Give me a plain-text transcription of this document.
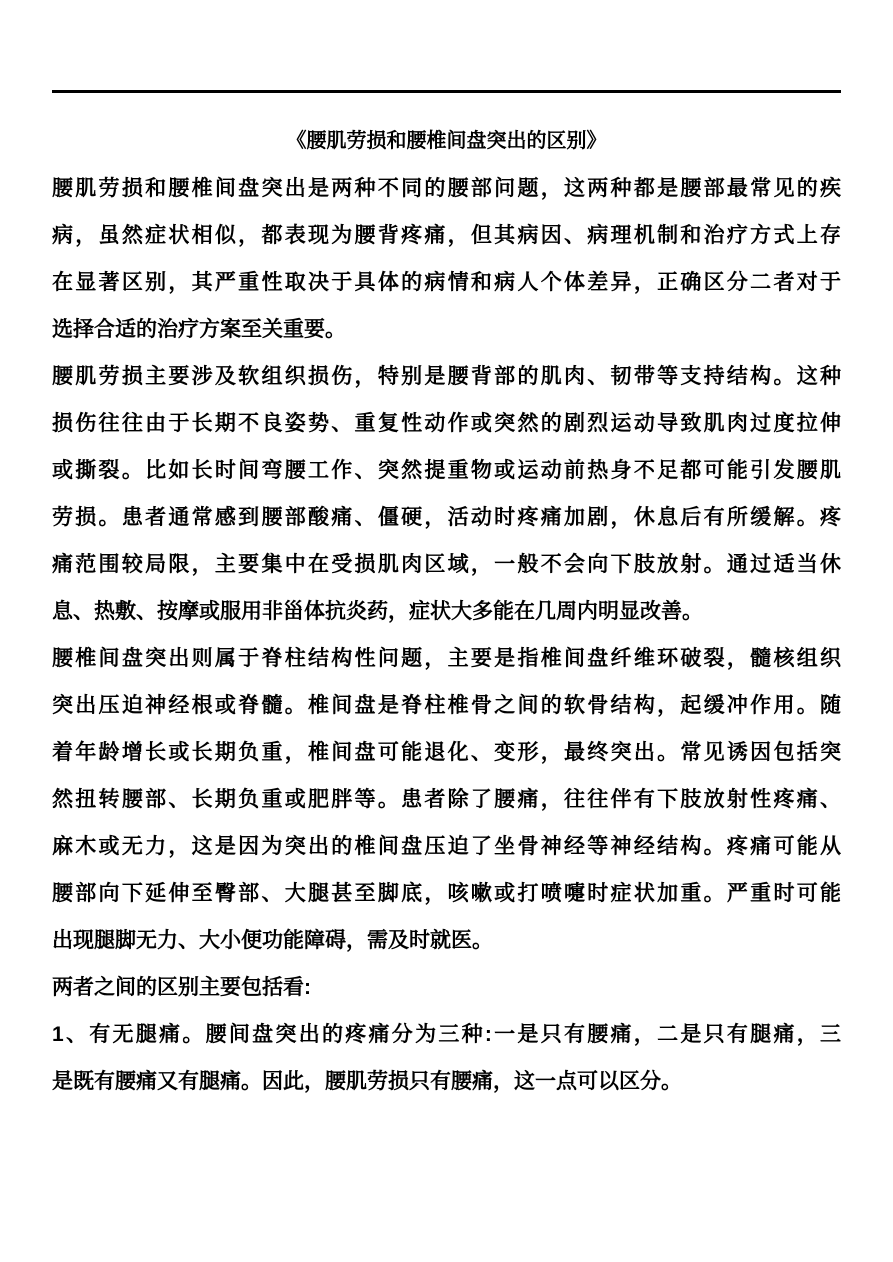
《腰肌劳损和腰椎间盘突出的区别》
腰肌劳损和腰椎间盘突出是两种不同的腰部问题，这两种都是腰部最常见的疾
病，虽然症状相似，都表现为腰背疼痛，但其病因、病理机制和治疗方式上存
在显著区别，其严重性取决于具体的病情和病人个体差异，正确区分二者对于
选择合适的治疗方案至关重要。
腰肌劳损主要涉及软组织损伤，特别是腰背部的肌肉、韧带等支持结构。这种
损伤往往由于长期不良姿势、重复性动作或突然的剧烈运动导致肌肉过度拉伸
或撕裂。比如长时间弯腰工作、突然提重物或运动前热身不足都可能引发腰肌
劳损。患者通常感到腰部酸痛、僵硬，活动时疼痛加剧，休息后有所缓解。疼
痛范围较局限，主要集中在受损肌肉区域，一般不会向下肢放射。通过适当休
息、热敷、按摩或服用非甾体抗炎药，症状大多能在几周内明显改善。
腰椎间盘突出则属于脊柱结构性问题，主要是指椎间盘纤维环破裂，髓核组织
突出压迫神经根或脊髓。椎间盘是脊柱椎骨之间的软骨结构，起缓冲作用。随
着年龄增长或长期负重，椎间盘可能退化、变形，最终突出。常见诱因包括突
然扭转腰部、长期负重或肥胖等。患者除了腰痛，往往伴有下肢放射性疼痛、
麻木或无力，这是因为突出的椎间盘压迫了坐骨神经等神经结构。疼痛可能从
腰部向下延伸至臀部、大腿甚至脚底，咳嗽或打喷嚏时症状加重。严重时可能
出现腿脚无力、大小便功能障碍，需及时就医。
两者之间的区别主要包括看:
1、有无腿痛。腰间盘突出的疼痛分为三种:一是只有腰痛，二是只有腿痛，三
是既有腰痛又有腿痛。因此，腰肌劳损只有腰痛，这一点可以区分。
